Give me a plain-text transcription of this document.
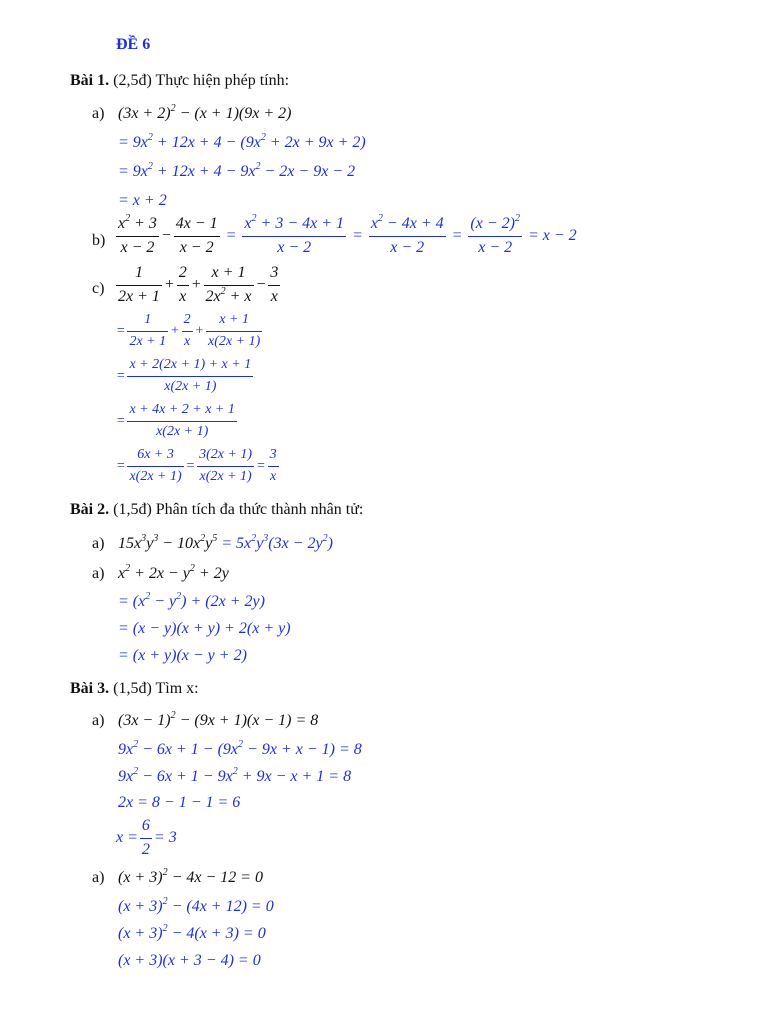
ĐỀ 6
Bài 1. (2,5đ) Thực hiện phép tính:
a) $(3x + 2)^2 - (x + 1)(9x + 2)$
= $9x^2 + 12x + 4 - (9x^2 + 2x + 9x + 2)$
= $9x^2 + 12x + 4 - 9x^2 - 2x - 9x - 2$
= x + 2
$b) \frac{x^2 + 3}{x - 2} - \frac{4x - 1}{x - 2} = \frac{x^2 + 3 - 4x + 1}{x - 2} = \frac{x^2 - 4x + 4}{x - 2} = \frac{(x - 2)^2}{x - 2} = x - 2$
$c) \frac{1}{2x + 1} + \frac{2}{x} + \frac{x + 1}{2x^2 + x} - \frac{3}{x}$
= $\frac{1}{2x + 1} + \frac{2}{x} + \frac{x + 1}{x(2x + 1)}$
= $\frac{x + 2(2x + 1) + x + 1}{x(2x + 1)}$
= $\frac{x + 4x + 2 + x + 1}{x(2x + 1)}$
= $\frac{6x + 3}{x(2x + 1)} = \frac{3(2x + 1)}{x(2x + 1)} = \frac{3}{x}$
Bài 2. (1,5đ) Phân tích đa thức thành nhân tử:
a) $15x^3y^3 - 10x^2y^5 = 5x^2y^3(3x - 2y^2)$
a) $x^2 + 2x - y^2 + 2y$
= $(x^2 - y^2) + (2x + 2y)$
= (x − y)(x + y) + 2(x + y)
= (x + y)(x − y + 2)
Bài 3. (1,5đ) Tìm x:
a) $(3x - 1)^2 - (9x + 1)(x - 1) = 8$
$9x^2 - 6x + 1 - (9x^2 - 9x + x - 1) = 8$
$9x^2 - 6x + 1 - 9x^2 + 9x - x + 1 = 8$
2x = 8 − 1 − 1 = 6
$x = \frac{6}{2} = 3$
a) $(x + 3)^2 - 4x - 12 = 0$
$(x + 3)^2 - (4x + 12) = 0$
$(x + 3)^2 - 4(x + 3) = 0$
(x + 3)(x + 3 − 4) = 0
